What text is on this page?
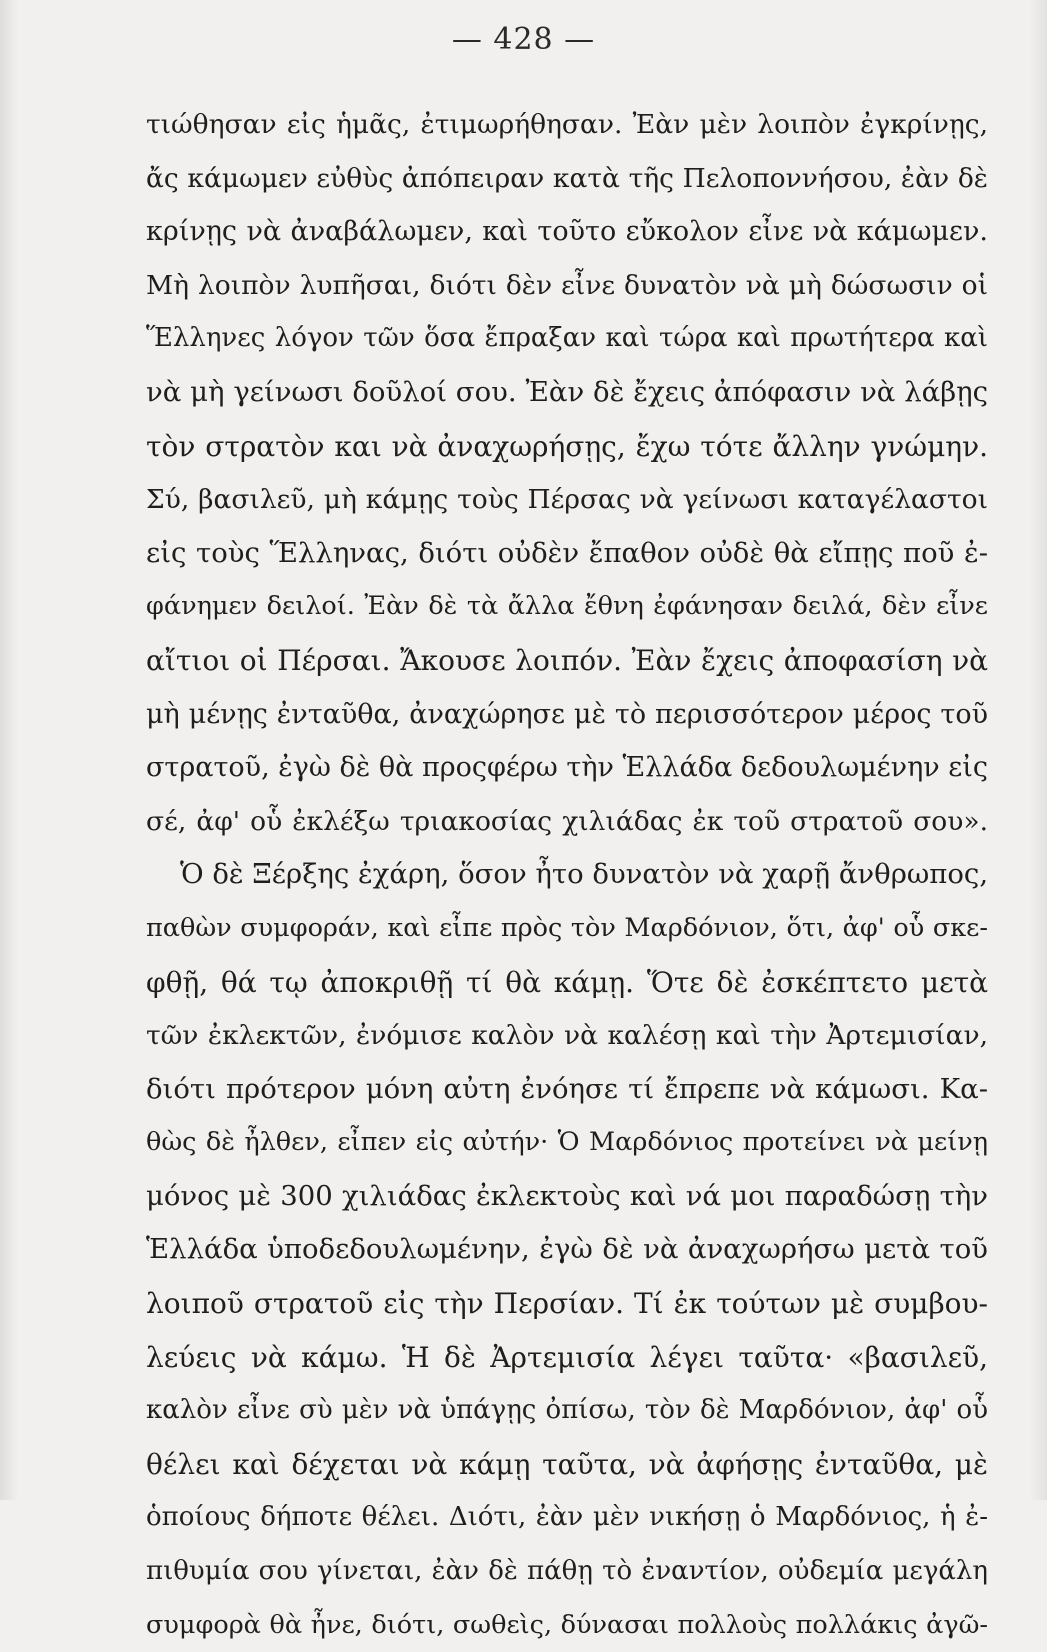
— 428 —
τιώθησαν εἰς ἡμᾶς, ἐτιμωρήθησαν. Ἐὰν μὲν λοιπὸν ἐγκρίνῃς,
ἄς κάμωμεν εὐθὺς ἀπόπειραν κατὰ τῆς Πελοποννήσου, ἐὰν δὲ
κρίνῃς νὰ ἀναβάλωμεν, καὶ τοῦτο εὔκολον εἶνε νὰ κάμωμεν.
Μὴ λοιπὸν λυπῆσαι, διότι δὲν εἶνε δυνατὸν νὰ μὴ δώσωσιν οἱ
Ἕλληνες λόγον τῶν ὅσα ἔπραξαν καὶ τώρα καὶ πρωτήτερα καὶ
νὰ μὴ γείνωσι δοῦλοί σου. Ἐὰν δὲ ἔχεις ἀπόφασιν νὰ λάβῃς
τὸν στρατὸν και νὰ ἀναχωρήσῃς, ἔχω τότε ἄλλην γνώμην.
Σύ, βασιλεῦ, μὴ κάμῃς τοὺς Πέρσας νὰ γείνωσι καταγέλαστοι
εἰς τοὺς Ἕλληνας, διότι οὐδὲν ἔπαθον οὐδὲ θὰ εἴπῃς ποῦ ἐ-
φάνημεν δειλοί. Ἐὰν δὲ τὰ ἄλλα ἔθνη ἐφάνησαν δειλά, δὲν εἶνε
αἴτιοι οἱ Πέρσαι. Ἄκουσε λοιπόν. Ἐὰν ἔχεις ἀποφασίση νὰ
μὴ μένῃς ἐνταῦθα, ἀναχώρησε μὲ τὸ περισσότερον μέρος τοῦ
στρατοῦ, ἐγὼ δὲ θὰ προςφέρω τὴν Ἑλλάδα δεδουλωμένην εἰς
σέ, ἀφ' οὗ ἐκλέξω τριακοσίας χιλιάδας ἐκ τοῦ στρατοῦ σου».
Ὁ δὲ Ξέρξης ἐχάρη, ὅσον ἦτο δυνατὸν νὰ χαρῇ ἄνθρωπος,
παθὼν συμφοράν, καὶ εἶπε πρὸς τὸν Μαρδόνιον, ὅτι, ἀφ' οὗ σκε-
φθῇ, θά τῳ ἀποκριθῇ τί θὰ κάμῃ. Ὅτε δὲ ἐσκέπτετο μετὰ
τῶν ἐκλεκτῶν, ἐνόμισε καλὸν νὰ καλέσῃ καὶ τὴν Ἀρτεμισίαν,
διότι πρότερον μόνη αὐτη ἐνόησε τί ἔπρεπε νὰ κάμωσι. Κα-
θὼς δὲ ἦλθεν, εἶπεν εἰς αὐτήν· Ὁ Μαρδόνιος προτείνει νὰ μείνῃ
μόνος μὲ 300 χιλιάδας ἐκλεκτοὺς καὶ νά μοι παραδώσῃ τὴν
Ἑλλάδα ὑποδεδουλωμένην, ἐγὼ δὲ νὰ ἀναχωρήσω μετὰ τοῦ
λοιποῦ στρατοῦ εἰς τὴν Περσίαν. Τί ἐκ τούτων μὲ συμβου-
λεύεις νὰ κάμω. Ἡ δὲ Ἀρτεμισία λέγει ταῦτα· «βασιλεῦ,
καλὸν εἶνε σὺ μὲν νὰ ὑπάγῃς ὀπίσω, τὸν δὲ Μαρδόνιον, ἀφ' οὗ
θέλει καὶ δέχεται νὰ κάμῃ ταῦτα, νὰ ἀφήσῃς ἐνταῦθα, μὲ
ὁποίους δήποτε θέλει. Διότι, ἐὰν μὲν νικήσῃ ὁ Μαρδόνιος, ἡ ἐ-
πιθυμία σου γίνεται, ἐὰν δὲ πάθῃ τὸ ἐναντίον, οὐδεμία μεγάλη
συμφορὰ θὰ ἦνε, διότι, σωθεὶς, δύνασαι πολλοὺς πολλάκις ἀγῶ-
